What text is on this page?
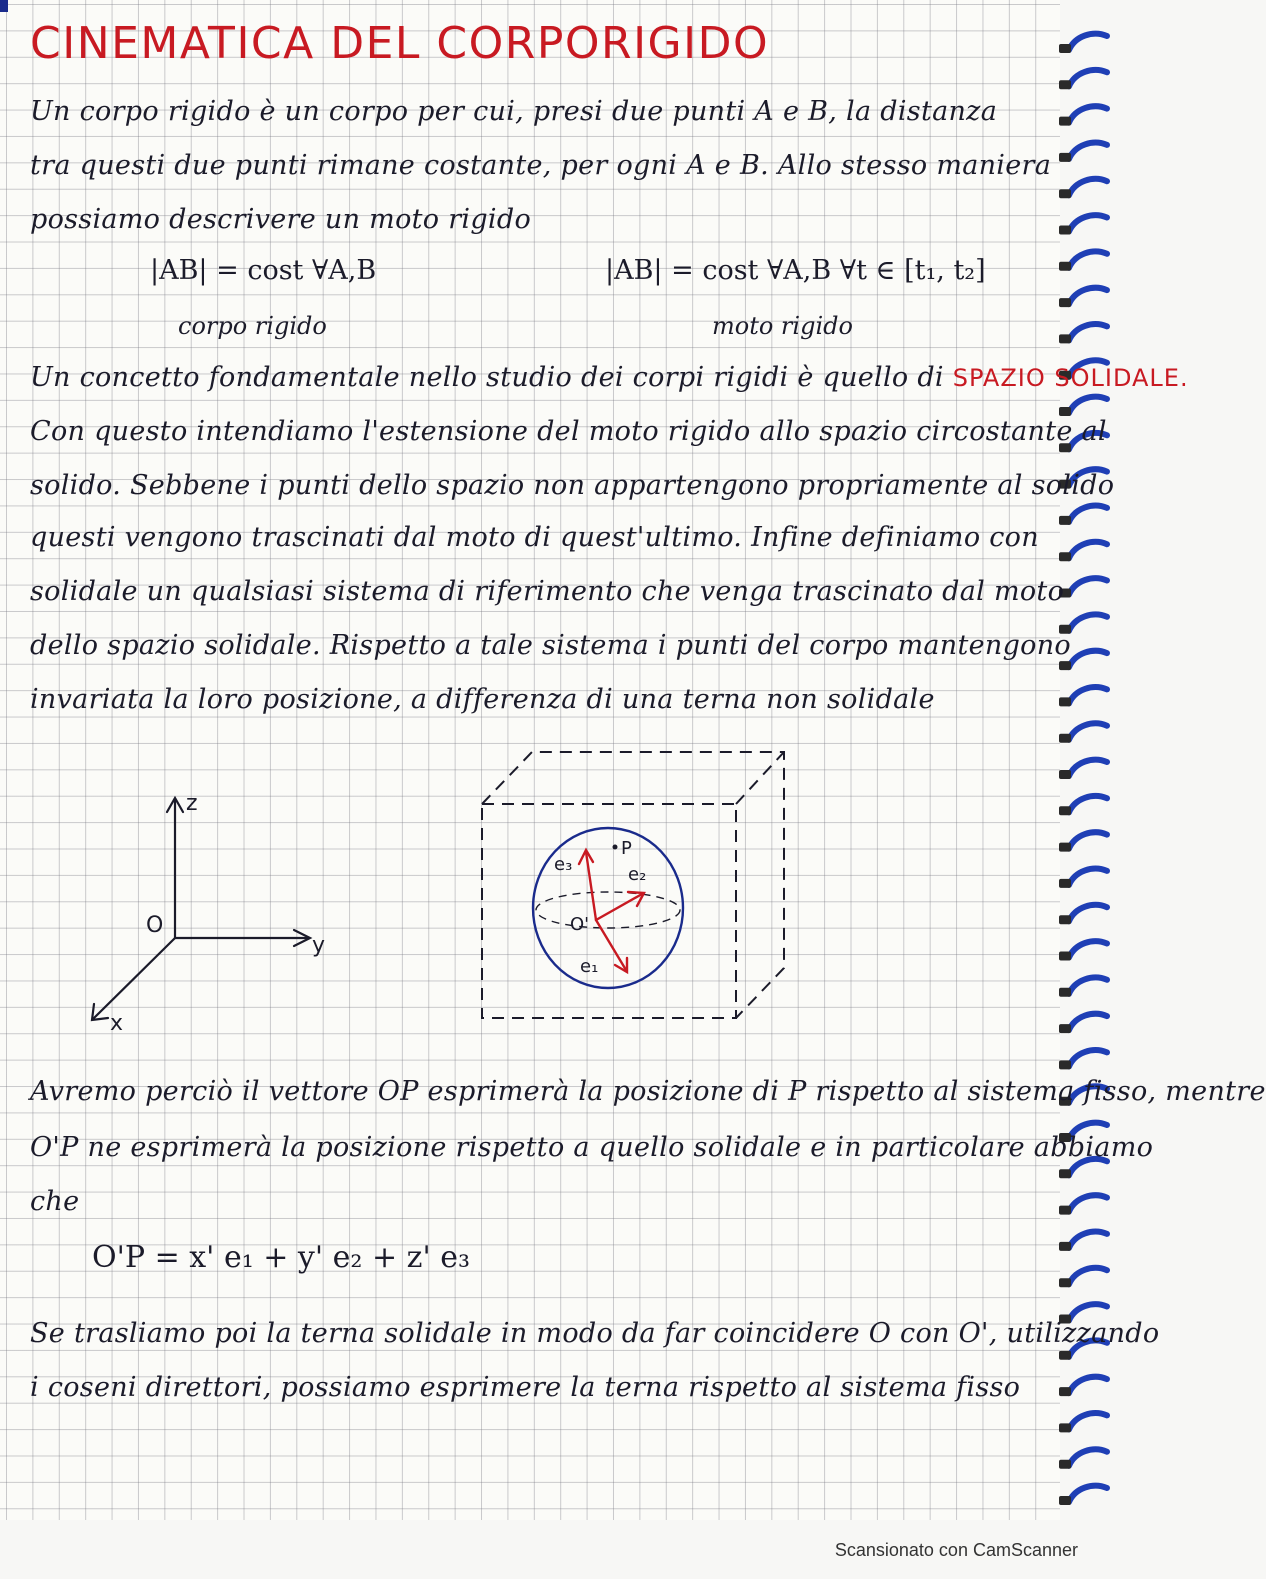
CINEMATICA DEL CORPORIGIDO

Un corpo rigido è un corpo per cui, presi due punti A e B, la distanza

tra questi due punti rimane costante, per ogni A e B. Allo stesso maniera

possiamo descrivere un moto rigido

|AB| = cost ∀A,B
corpo rigido
|AB| = cost ∀A,B ∀t ∈ [t₁, t₂]
moto rigido

Un concetto fondamentale nello studio dei corpi rigidi è quello di SPAZIO SOLIDALE.

Con questo intendiamo l'estensione del moto rigido allo spazio circostante al

solido. Sebbene i punti dello spazio non appartengono propriamente al solido

questi vengono trascinati dal moto di quest'ultimo. Infine definiamo con

solidale un qualsiasi sistema di riferimento che venga trascinato dal moto

dello spazio solidale. Rispetto a tale sistema i punti del corpo mantengono

invariata la loro posizione, a differenza di una terna non solidale

z
y
x
O
P
O'
e₃	e₂
e₁

Avremo perciò il vettore OP esprimerà la posizione di P rispetto al sistema fisso, mentre

O'P ne esprimerà la posizione rispetto a quello solidale e in particolare abbiamo

che

O'P = x' e₁ + y' e₂ + z' e₃

Se trasliamo poi la terna solidale in modo da far coincidere O con O', utilizzando

i coseni direttori, possiamo esprimere la terna rispetto al sistema fisso

Scansionato con CamScanner
